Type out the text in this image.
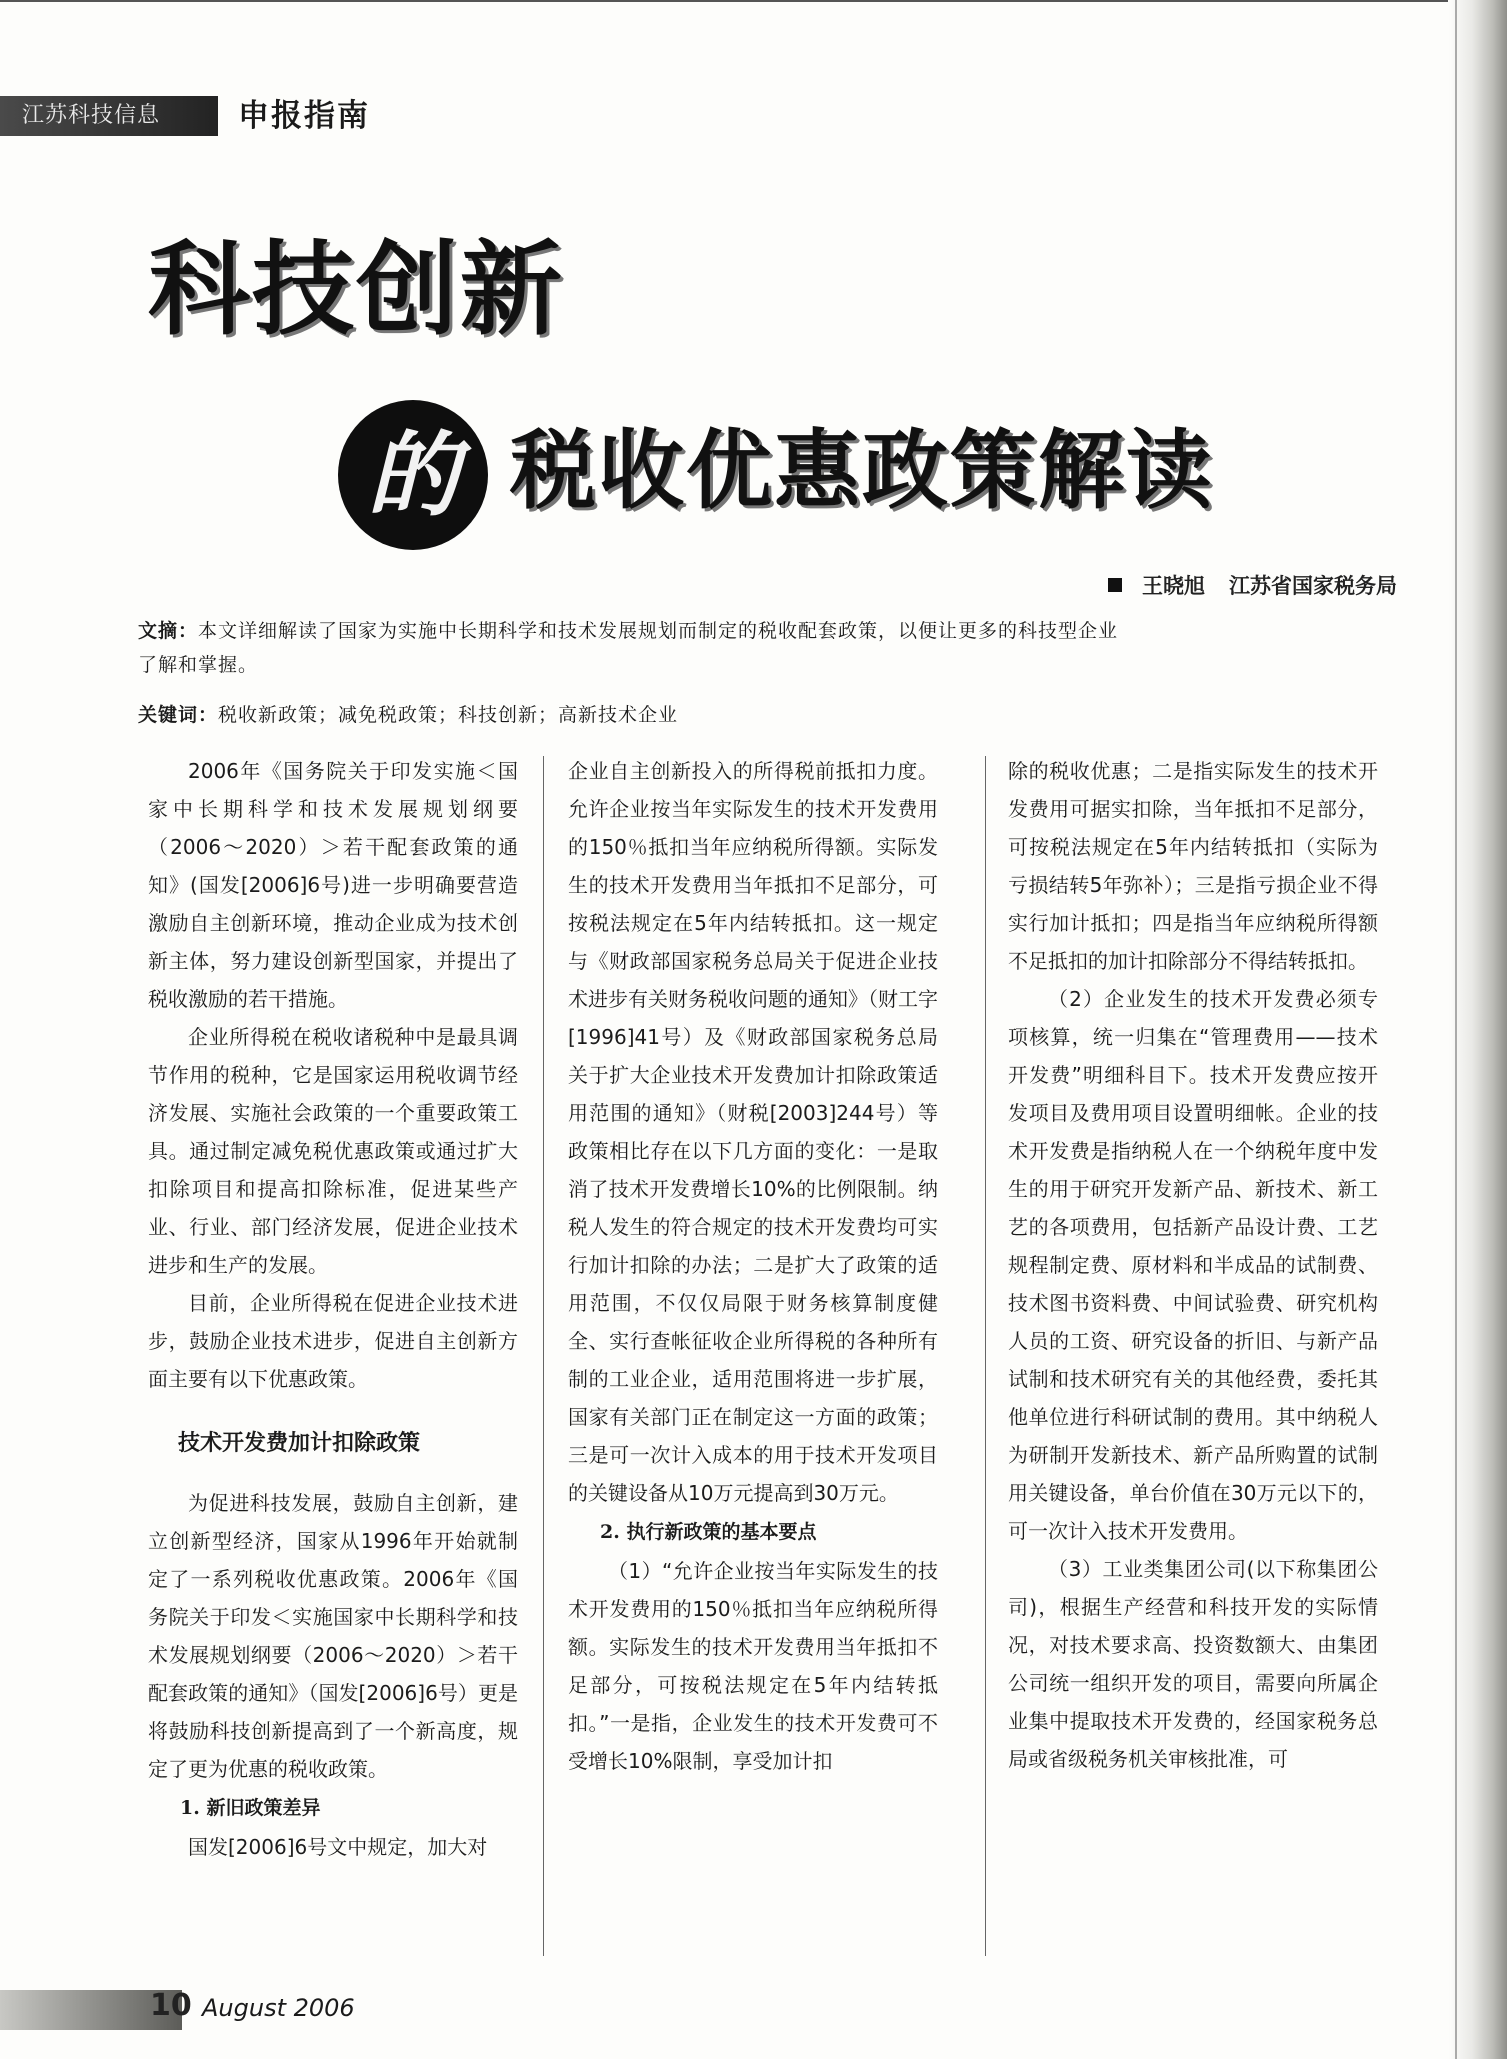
江苏科技信息	申报指南
科技创新
的 税收优惠政策解读
王晓旭 江苏省国家税务局
文摘：本文详细解读了国家为实施中长期科学和技术发展规划而制定的税收配套政策，以便让更多的科技型企业了解和掌握。
关键词：税收新政策；减免税政策；科技创新；高新技术企业

2006年《国务院关于印发实施＜国家中长期科学和技术发展规划纲要（2006～2020）＞若干配套政策的通知》(国发[2006]6号)进一步明确要营造激励自主创新环境，推动企业成为技术创新主体，努力建设创新型国家，并提出了税收激励的若干措施。

企业所得税在税收诸税种中是最具调节作用的税种，它是国家运用税收调节经济发展、实施社会政策的一个重要政策工具。通过制定减免税优惠政策或通过扩大扣除项目和提高扣除标准，促进某些产业、行业、部门经济发展，促进企业技术进步和生产的发展。

目前，企业所得税在促进企业技术进步，鼓励企业技术进步，促进自主创新方面主要有以下优惠政策。

技术开发费加计扣除政策

为促进科技发展，鼓励自主创新，建立创新型经济，国家从1996年开始就制定了一系列税收优惠政策。2006年《国务院关于印发＜实施国家中长期科学和技术发展规划纲要（2006～2020）＞若干配套政策的通知》（国发[2006]6号）更是将鼓励科技创新提高到了一个新高度，规定了更为优惠的税收政策。

1. 新旧政策差异

国发[2006]6号文中规定，加大对

企业自主创新投入的所得税前抵扣力度。允许企业按当年实际发生的技术开发费用的150％抵扣当年应纳税所得额。实际发生的技术开发费用当年抵扣不足部分，可按税法规定在5年内结转抵扣。这一规定与《财政部国家税务总局关于促进企业技术进步有关财务税收问题的通知》（财工字[1996]41号）及《财政部国家税务总局关于扩大企业技术开发费加计扣除政策适用范围的通知》（财税[2003]244号）等政策相比存在以下几方面的变化：一是取消了技术开发费增长10%的比例限制。纳税人发生的符合规定的技术开发费均可实行加计扣除的办法；二是扩大了政策的适用范围，不仅仅局限于财务核算制度健全、实行查帐征收企业所得税的各种所有制的工业企业，适用范围将进一步扩展，国家有关部门正在制定这一方面的政策；三是可一次计入成本的用于技术开发项目的关键设备从10万元提高到30万元。

2. 执行新政策的基本要点

（1）“允许企业按当年实际发生的技术开发费用的150％抵扣当年应纳税所得额。实际发生的技术开发费用当年抵扣不足部分，可按税法规定在5年内结转抵扣。”一是指，企业发生的技术开发费可不受增长10%限制，享受加计扣

除的税收优惠；二是指实际发生的技术开发费用可据实扣除，当年抵扣不足部分，可按税法规定在5年内结转抵扣（实际为亏损结转5年弥补）；三是指亏损企业不得实行加计抵扣；四是指当年应纳税所得额不足抵扣的加计扣除部分不得结转抵扣。

（2）企业发生的技术开发费必须专项核算，统一归集在“管理费用——技术开发费”明细科目下。技术开发费应按开发项目及费用项目设置明细帐。企业的技术开发费是指纳税人在一个纳税年度中发生的用于研究开发新产品、新技术、新工艺的各项费用，包括新产品设计费、工艺规程制定费、原材料和半成品的试制费、技术图书资料费、中间试验费、研究机构人员的工资、研究设备的折旧、与新产品试制和技术研究有关的其他经费，委托其他单位进行科研试制的费用。其中纳税人为研制开发新技术、新产品所购置的试制用关键设备，单台价值在30万元以下的，可一次计入技术开发费用。

（3）工业类集团公司(以下称集团公司)，根据生产经营和科技开发的实际情况，对技术要求高、投资数额大、由集团公司统一组织开发的项目，需要向所属企业集中提取技术开发费的，经国家税务总局或省级税务机关审核批准，可

10 August 2006
